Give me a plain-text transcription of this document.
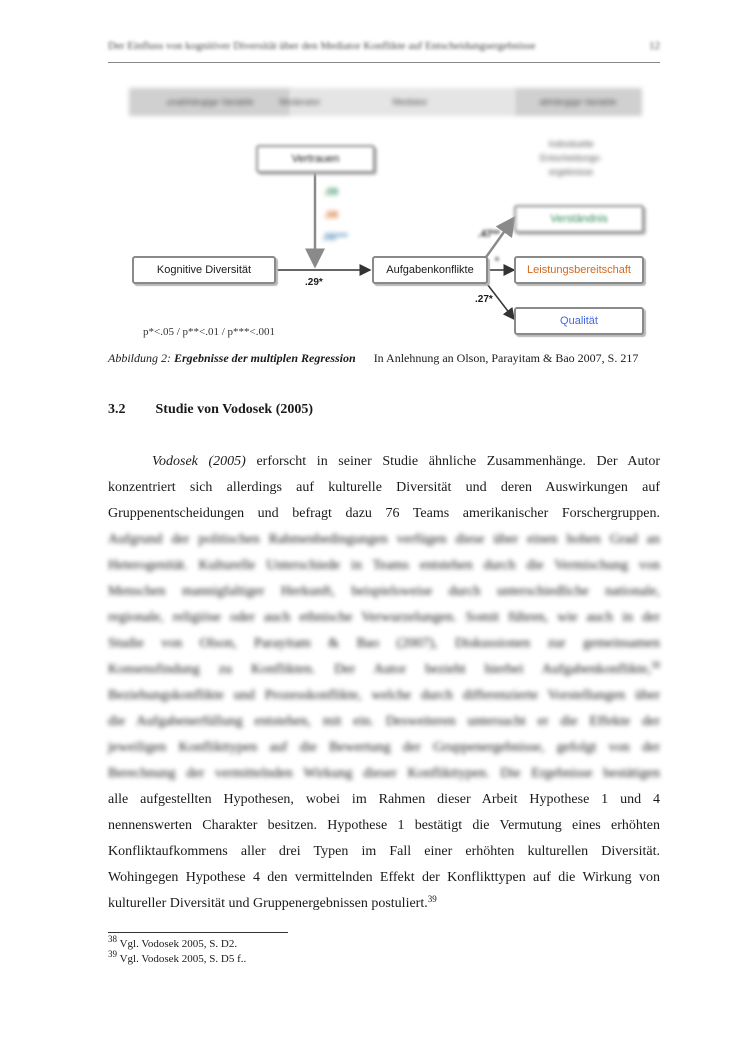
Der Einfluss von kognitiver Diversität über den Mediator Konflikte auf Entscheidungsergebnisse	12
unabhängige Variable	Moderator	Mediator	abhängige Variable
Vertrauen
.09
.08
.06***
Kognitive Diversität	Aufgabenkonflikte
.29*
.47**
*
.27*
Individuelle Entscheidungs-ergebnisse
Verständnis
Leistungsbereitschaft
Qualität
p*<.05 / p**<.01 / p***<.001
Abbildung 2: Ergebnisse der multiplen Regression In Anlehnung an Olson, Parayitam & Bao 2007, S. 217
3.2 Studie von Vodosek (2005)
Vodosek (2005) erforscht in seiner Studie ähnliche Zusammenhänge. Der Autor
konzentriert sich allerdings auf kulturelle Diversität und deren Auswirkungen auf
Gruppenentscheidungen und befragt dazu 76 Teams amerikanischer Forschergruppen.
Aufgrund der politischen Rahmenbedingungen verfügen diese über einen hohen Grad an
Heterogenität. Kulturelle Unterschiede in Teams entstehen durch die Vermischung von
Menschen mannigfaltiger Herkunft, beispielsweise durch unterschiedliche nationale,
regionale, religiöse oder auch ethnische Verwurzelungen. Somit führen, wie auch in der
Studie von Olson, Parayitam & Bao (2007), Diskussionen zur gemeinsamen
Konsensfindung zu Konflikten. Der Autor bezieht hierbei Aufgabenkonflikte,$^{38}$
Beziehungskonflikte und Prozesskonflikte, welche durch differenzierte Vorstellungen über
die Aufgabenerfüllung entstehen, mit ein. Desweiteren untersucht er die Effekte der
jeweiligen Konflikttypen auf die Bewertung der Gruppenergebnisse, gefolgt von der
Berechnung der vermittelnden Wirkung dieser Konflikttypen. Die Ergebnisse bestätigen
alle aufgestellten Hypothesen, wobei im Rahmen dieser Arbeit Hypothese 1 und 4
nennenswerten Charakter besitzen. Hypothese 1 bestätigt die Vermutung eines erhöhten
Konfliktaufkommens aller drei Typen im Fall einer erhöhten kulturellen Diversität.
Wohingegen Hypothese 4 den vermittelnden Effekt der Konflikttypen auf die Wirkung von
kultureller Diversität und Gruppenergebnissen postuliert.$^{39}$
$^{38}$ Vgl. Vodosek 2005, S. D2.
$^{39}$ Vgl. Vodosek 2005, S. D5 f..
